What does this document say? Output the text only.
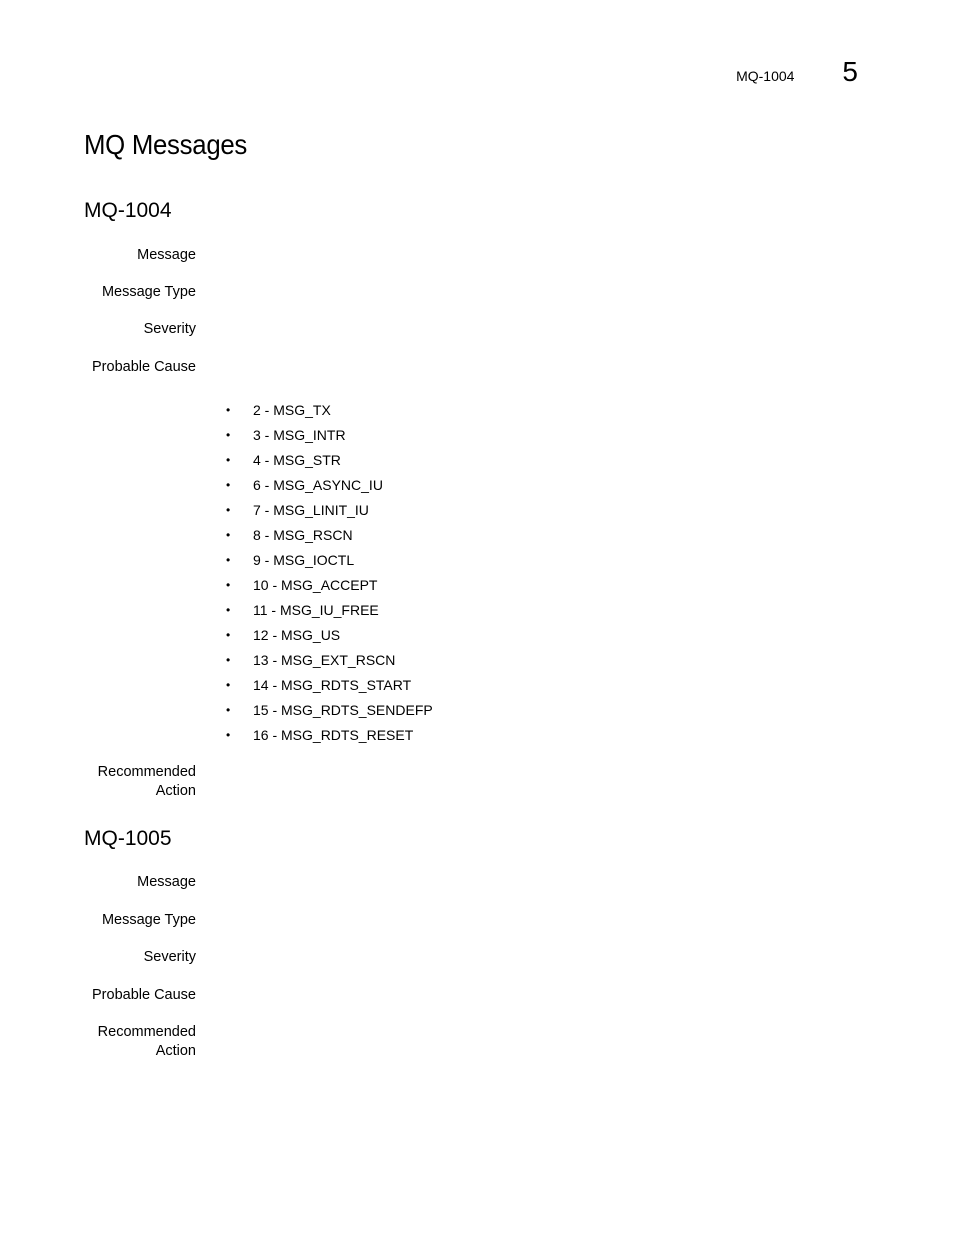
MQ-1004 5
MQ Messages
MQ-1004
Message
Message Type
Severity
Probable Cause
•	2 - MSG_TX
•	3 - MSG_INTR
•	4 - MSG_STR
•	6 - MSG_ASYNC_IU
•	7 - MSG_LINIT_IU
•	8 - MSG_RSCN
•	9 - MSG_IOCTL
•	10 - MSG_ACCEPT
•	11 - MSG_IU_FREE
•	12 - MSG_US
•	13 - MSG_EXT_RSCN
•	14 - MSG_RDTS_START
•	15 - MSG_RDTS_SENDEFP
•	16 - MSG_RDTS_RESET
Recommended
Action
MQ-1005
Message
Message Type
Severity
Probable Cause
Recommended
Action
